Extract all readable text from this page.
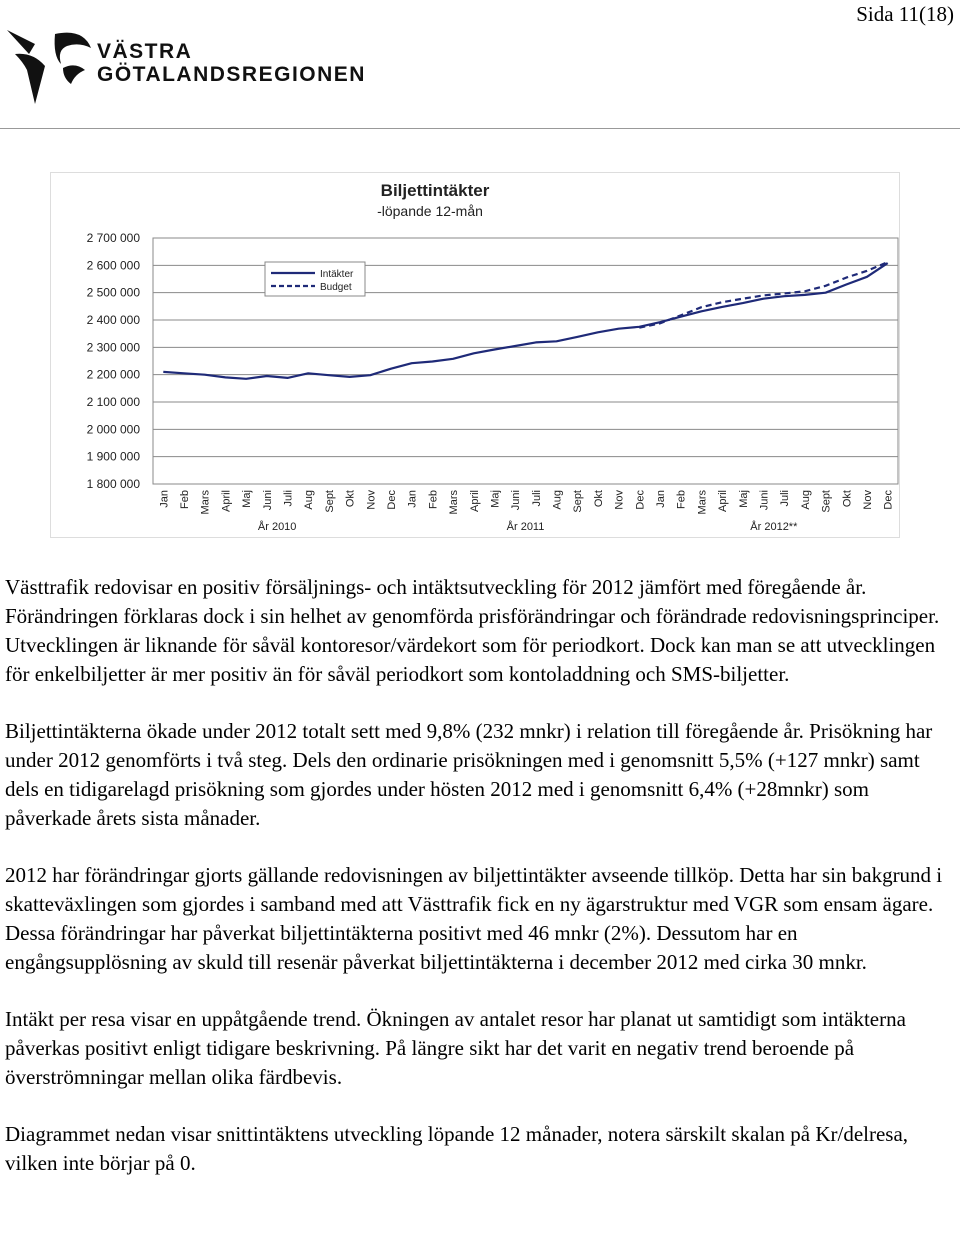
Sida 11(18)
VÄSTRA
GÖTALANDSREGIONEN
Biljettintäkter
-löpande 12-mån
1 800 000
1 900 000
2 000 000
2 100 000
2 200 000
2 300 000
2 400 000
2 500 000
2 600 000
2 700 000
Jan Feb Mars April Maj Juni Juli Aug Sept Okt Nov Dec Jan Feb Mars April Maj Juni Juli Aug Sept Okt Nov Dec Jan Feb Mars April Maj Juni Juli Aug Sept Okt Nov Dec
År 2010	År 2011	År 2012**
Intäkter
Budget

Västtrafik redovisar en positiv försäljnings- och intäktsutveckling för 2012 jämfört med föregående år. Förändringen förklaras dock i sin helhet av genomförda prisförändringar och förändrade redovisningsprinciper. Utvecklingen är liknande för såväl kontoresor/värdekort som för periodkort. Dock kan man se att utvecklingen för enkelbiljetter är mer positiv än för såväl periodkort som kontoladdning och SMS-biljetter.

Biljettintäkterna ökade under 2012 totalt sett med 9,8% (232 mnkr) i relation till föregående år. Prisökning har under 2012 genomförts i två steg. Dels den ordinarie prisökningen med i genomsnitt 5,5% (+127 mnkr) samt dels en tidigarelagd prisökning som gjordes under hösten 2012 med i genomsnitt 6,4% (+28mnkr) som påverkade årets sista månader.

2012 har förändringar gjorts gällande redovisningen av biljettintäkter avseende tillköp. Detta har sin bakgrund i skatteväxlingen som gjordes i samband med att Västtrafik fick en ny ägarstruktur med VGR som ensam ägare. Dessa förändringar har påverkat biljettintäkterna positivt med 46 mnkr (2%). Dessutom har en engångsupplösning av skuld till resenär påverkat biljettintäkterna i december 2012 med cirka 30 mnkr.

Intäkt per resa visar en uppåtgående trend. Ökningen av antalet resor har planat ut samtidigt som intäkterna påverkas positivt enligt tidigare beskrivning. På längre sikt har det varit en negativ trend beroende på överströmningar mellan olika färdbevis.

Diagrammet nedan visar snittintäktens utveckling löpande 12 månader, notera särskilt skalan på Kr/delresa, vilken inte börjar på 0.
